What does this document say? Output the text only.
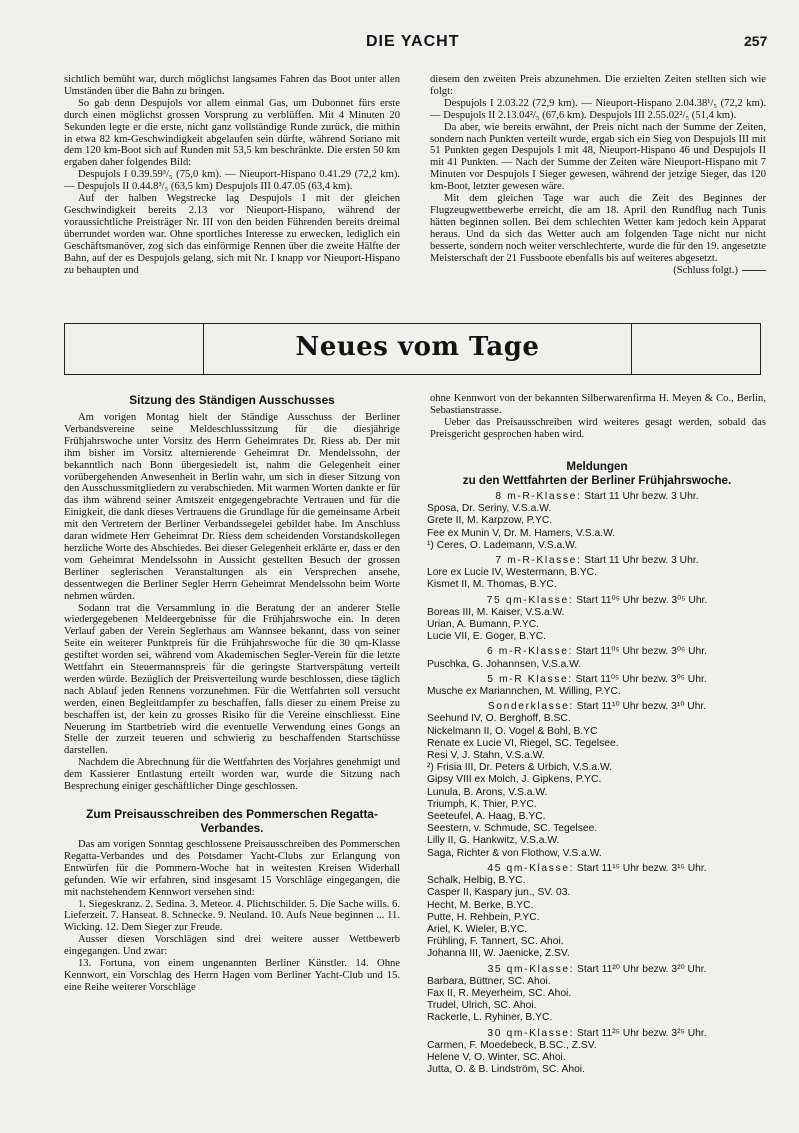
DIE YACHT	257

sichtlich bemüht war, durch möglichst langsames Fahren das Boot unter allen Umständen über die Bahn zu bringen.

So gab denn Despujols vor allem einmal Gas, um Dubonnet fürs erste durch einen möglichst grossen Vorsprung zu verblüffen. Mit 4 Minuten 20 Sekunden legte er die erste, nicht ganz vollständige Runde zurück, die mithin in etwa 82 km-Geschwindigkeit abgelaufen sein dürfte, während Soriano mit dem 120 km-Boot sich auf Runden mit 53,5 km beschränkte. Die ersten 50 km ergaben daher folgendes Bild:

Despujols I 0.39.59³/₅ (75,0 km). — Nieuport-Hispano 0.41.29 (72,2 km). — Despujols II 0.44.8³/₅ (63,5 km) Despujols III 0.47.05 (63,4 km).

Auf der halben Wegstrecke lag Despujols I mit der gleichen Geschwindigkeit bereits 2.13 vor Nieuport-Hispano, während der voraussichtliche Preisträger Nr. III von den beiden Führenden bereits dreimal überrundet worden war. Ohne sportliches Interesse zu erwecken, lediglich ein Geschäftsmanöver, zog sich das einförmige Rennen über die zweite Hälfte der Bahn, auf der es Despujols gelang, sich mit Nr. I knapp vor Nieuport-Hispano zu behaupten und

diesem den zweiten Preis abzunehmen. Die erzielten Zeiten stellten sich wie folgt:

Despujols I 2.03.22 (72,9 km). — Nieuport-Hispano 2.04.38¹/₅ (72,2 km). — Despujols II 2.13.04²/₅ (67,6 km). Despujols III 2.55.02²/₅ (51,4 km).

Da aber, wie bereits erwähnt, der Preis nicht nach der Summe der Zeiten, sondern nach Punkten verteilt wurde, ergab sich ein Sieg von Despujols III mit 51 Punkten gegen Despujols I mit 48, Nieuport-Hispano 46 und Despujols II mit 41 Punkten. — Nach der Summe der Zeiten wäre Nieuport-Hispano mit 7 Minuten vor Despujols I Sieger gewesen, während der jetzige Sieger, das 120 km-Boot, letzter gewesen wäre.

Mit dem gleichen Tage war auch die Zeit des Beginnes der Flugzeugwettbewerbe erreicht, die am 18. April den Rundflug nach Tunis hätten beginnen sollen. Bei dem schlechten Wetter kam jedoch kein Apparat heraus. Und da sich das Wetter auch am folgenden Tage nicht nur nicht besserte, sondern noch weiter verschlechterte, wurde die für den 19. angesetzte Meisterschaft der 21 Fussboote ebenfalls bis auf weiteres abgesetzt.

(Schluss folgt.)

Neues vom Tage
Sitzung des Ständigen Ausschusses

Am vorigen Montag hielt der Ständige Ausschuss der Berliner Verbandsvereine seine Meldeschlusssitzung für die diesjährige Frühjahrswoche unter Vorsitz des Herrn Geheimrates Dr. Riess ab. Der mit ihm bisher im Vorsitz alternierende Geheimrat Dr. Mendelssohn, der bekanntlich nach Bonn übergesiedelt ist, nahm die Gelegenheit einer vorübergehenden Anwesenheit in Berlin wahr, um sich in dieser Sitzung von den Ausschussmitgliedern zu verabschieden. Mit warmen Worten dankte er für das ihm während seiner Amtszeit entgegengebrachte Vertrauen und für die Einigkeit, die dank dieses Vertrauens die Grundlage für die gemeinsame Arbeit mit den Vertretern der Berliner Verbandssegelei gebildet habe. Im Anschluss daran widmete Herr Geheimrat Dr. Riess dem scheidenden Vorstandskollegen herzliche Worte des Abschiedes. Bei dieser Gelegenheit erklärte er, dass er den vom Geheimrat Mendelssohn in Aussicht gestellten Besuch der grossen Berliner seglerischen Veranstaltungen als ein Versprechen ansehe, dessentwegen die Berliner Segler Herrn Geheimrat Mendelssohn beim Worte nehmen würden.

Sodann trat die Versammlung in die Beratung der an anderer Stelle wiedergegebenen Meldeergebnisse für die Frühjahrswoche ein. In deren Verlauf gaben der Verein Seglerhaus am Wannsee bekannt, dass von seiner Seite ein weiterer Punktpreis für die Frühjahrswoche für die 30 qm-Klasse gestiftet worden sei, während vom Akademischen Segler-Verein für die letzte Wettfahrt ein Steuermannspreis für die geringste Startverspätung verteilt werden würde. Bezüglich der Preisverteilung wurde beschlossen, diese täglich nach Ablauf jeden Rennens vorzunehmen. Für die Wettfahrten soll versucht werden, einen Begleitdampfer zu beschaffen, falls dieser zu einem Preise zu beschaffen ist, der kein zu grosses Risiko für die Vereine einschliesst. Eine Neuerung im Startbetrieb wird die eventuelle Verwendung eines Gongs an Stelle der zurzeit teueren und schwierig zu beschaffenden Startschüsse darstellen.

Nachdem die Abrechnung für die Wettfahrten des Vorjahres genehmigt und dem Kassierer Entlastung erteilt worden war, wurde die Sitzung nach Besprechung einiger geschäftlicher Dinge geschlossen.

Zum Preisausschreiben des Pommerschen Regatta-
Verbandes.

Das am vorigen Sonntag geschlossene Preisausschreiben des Pommerschen Regatta-Verbandes und des Potsdamer Yacht-Clubs zur Erlangung von Entwürfen für die Pommern-Woche hat in weitesten Kreisen Widerhall gefunden. Wie wir erfahren, sind insgesamt 15 Vorschläge eingegangen, die mit nachstehendem Kennwort versehen sind:

1. Siegeskranz. 2. Sedina. 3. Meteor. 4. Plichtschilder. 5. Die Sache wills. 6. Lieferzeit. 7. Hanseat. 8. Schnecke. 9. Neuland. 10. Aufs Neue beginnen ... 11. Wicking. 12. Dem Sieger zur Freude.

Ausser diesen Vorschlägen sind drei weitere ausser Wettbewerb eingegangen. Und zwar:

13. Fortuna, von einem ungenannten Berliner Künstler. 14. Ohne Kennwort, ein Vorschlag des Herrn Hagen vom Berliner Yacht-Club und 15. eine Reihe weiterer Vorschläge

ohne Kennwort von der bekannten Silberwarenfirma H. Meyen & Co., Berlin, Sebastianstrasse.

Ueber das Preisausschreiben wird weiteres gesagt werden, sobald das Preisgericht gesprochen haben wird.

Meldungen
zu den Wettfahrten der Berliner Frühjahrswoche.
8 m-R-Klasse: Start 11 Uhr bezw. 3 Uhr.
Sposa, Dr. Seriny, V.S.a.W.
Grete II, M. Karpzow, P.YC.
Fee ex Munin V, Dr. M. Hamers, V.S.a.W.
¹) Ceres, O. Lademann, V.S.a.W.
7 m-R-Klasse: Start 11 Uhr bezw. 3 Uhr.
Lore ex Lucie IV, Westermann, B.YC.
Kismet II, M. Thomas, B.YC.
75 qm-Klasse: Start 11⁰⁵ Uhr bezw. 3⁰⁵ Uhr.
Boreas III, M. Kaiser, V.S.a.W.
Urian, A. Bumann, P.YC.
Lucie VII, E. Goger, B.YC.
6 m-R-Klasse: Start 11⁰⁵ Uhr bezw. 3⁰⁵ Uhr.
Puschka, G. Johannsen, V.S.a.W.
5 m-R Klasse: Start 11⁰⁵ Uhr bezw. 3⁰⁵ Uhr.
Musche ex Mariannchen, M. Willing, P.YC.
Sonderklasse: Start 11¹⁰ Uhr bezw. 3¹⁰ Uhr.
Seehund IV, O. Berghoff, B.SC.
Nickelmann II, O. Vogel & Bohl, B.YC
Renate ex Lucie VI, Riegel, SC. Tegelsee.
Resi V, J. Stahn, V.S.a.W.
²) Frisia III, Dr. Peters & Urbich, V.S.a.W.
Gipsy VIII ex Molch, J. Gipkens, P.YC.
Lunula, B. Arons, V.S.a.W.
Triumph, K. Thier, P.YC.
Seeteufel, A. Haag, B.YC.
Seestern, v. Schmude, SC. Tegelsee.
Lilly II, G. Hankwitz, V.S.a.W.
Saga, Richter & von Flothow, V.S.a.W.
45 qm-Klasse: Start 11¹⁵ Uhr bezw. 3¹⁵ Uhr.
Schalk, Helbig, B.YC.
Casper II, Kaspary jun., SV. 03.
Hecht, M. Berke, B.YC.
Putte, H. Rehbein, P.YC.
Ariel, K. Wieler, B.YC.
Frühling, F. Tannert, SC. Ahoi.
Johanna III, W. Jaenicke, Z.SV.
35 qm-Klasse: Start 11²⁰ Uhr bezw. 3²⁰ Uhr.
Barbara, Büttner, SC. Ahoi.
Fax II, R. Meyerheim, SC. Ahoi.
Trudel, Ulrich, SC. Ahoi.
Rackerle, L. Ryhiner, B.YC.
30 qm-Klasse: Start 11²⁵ Uhr bezw. 3²⁵ Uhr.
Carmen, F. Moedebeck, B.SC., Z.SV.
Helene V, O. Winter, SC. Ahoi.
Jutta, O. & B. Lindström, SC. Ahoi.
